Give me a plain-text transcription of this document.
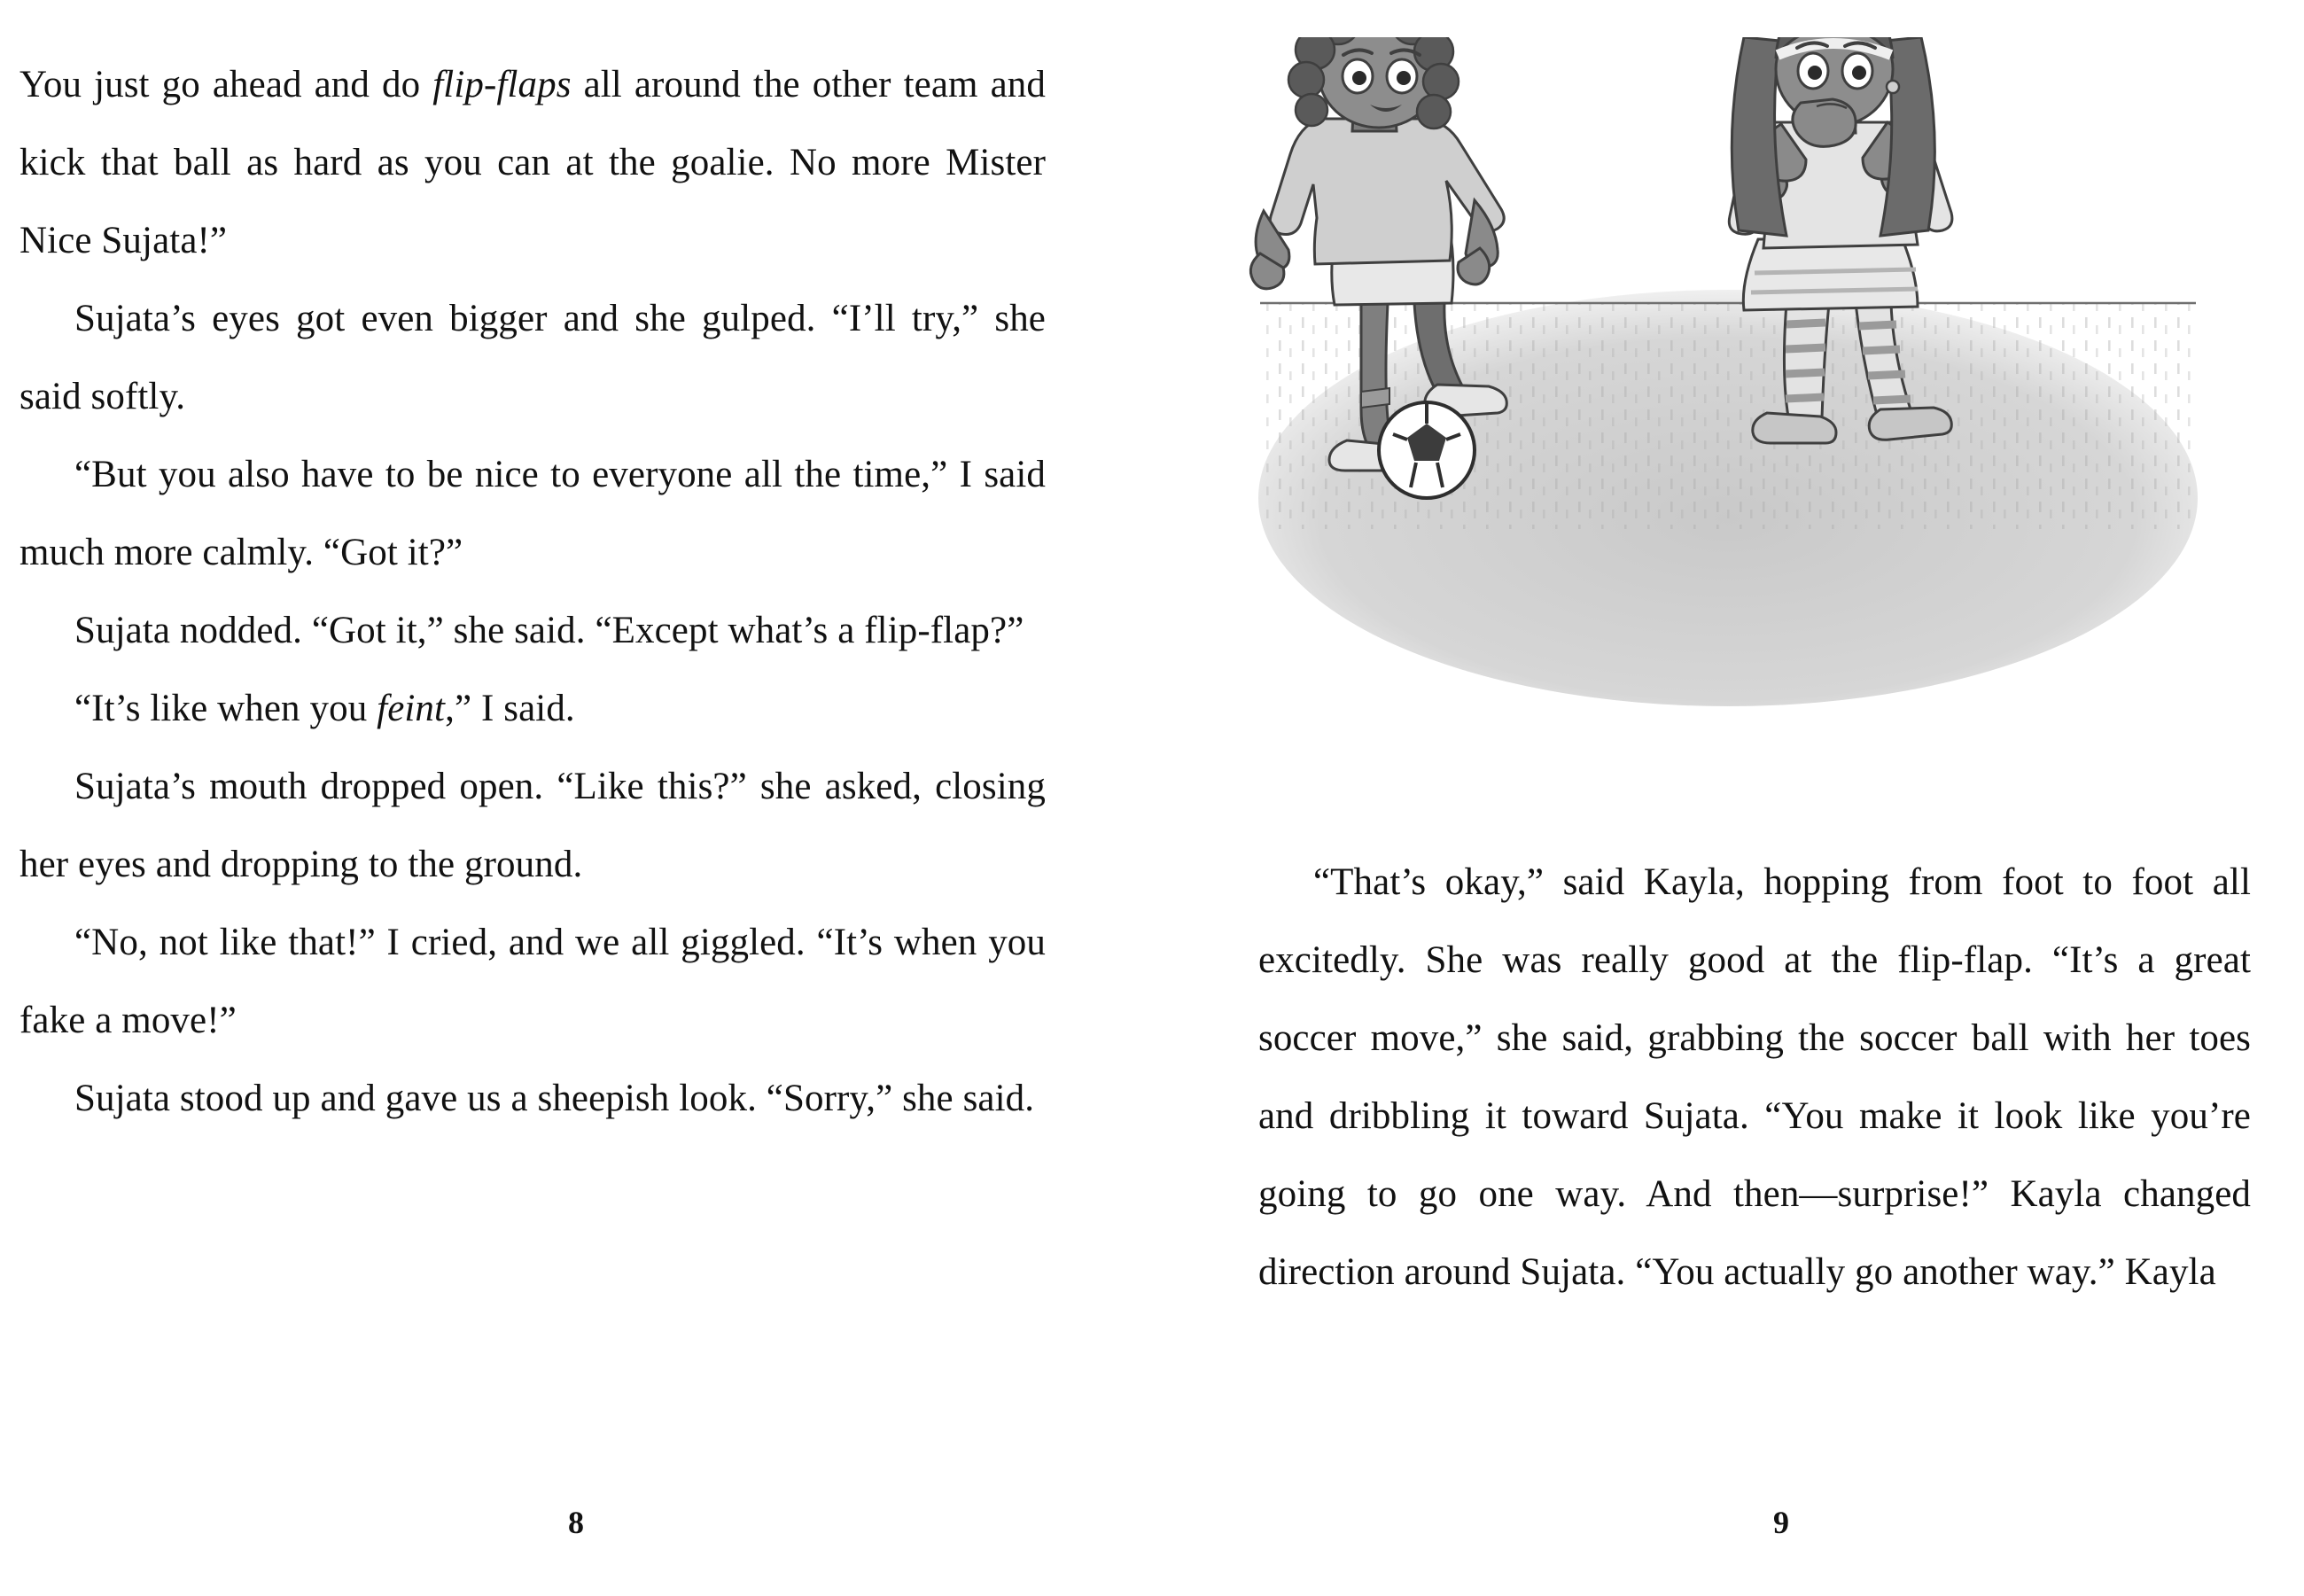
You just go ahead and do flip-flaps all around the other team and kick that ball as hard as you can at the goalie. No more Mister Nice Sujata!”

Sujata’s eyes got even bigger and she gulped. “I’ll try,” she said softly.

“But you also have to be nice to everyone all the time,” I said much more calmly. “Got it?”

Sujata nodded. “Got it,” she said. “Except what’s a flip-flap?”

“It’s like when you feint,” I said.

Sujata’s mouth dropped open. “Like this?” she asked, closing her eyes and dropping to the ground.

“No, not like that!” I cried, and we all giggled. “It’s when you fake a move!”

Sujata stood up and gave us a sheepish look. “Sorry,” she said.

8

“That’s okay,” said Kayla, hopping from foot to foot all excitedly. She was really good at the flip-flap. “It’s a great soccer move,” she said, grabbing the soccer ball with her toes and dribbling it toward Sujata. “You make it look like you’re going to go one way. And then—surprise!” Kayla changed direction around Sujata. “You actually go another way.” Kayla

9
